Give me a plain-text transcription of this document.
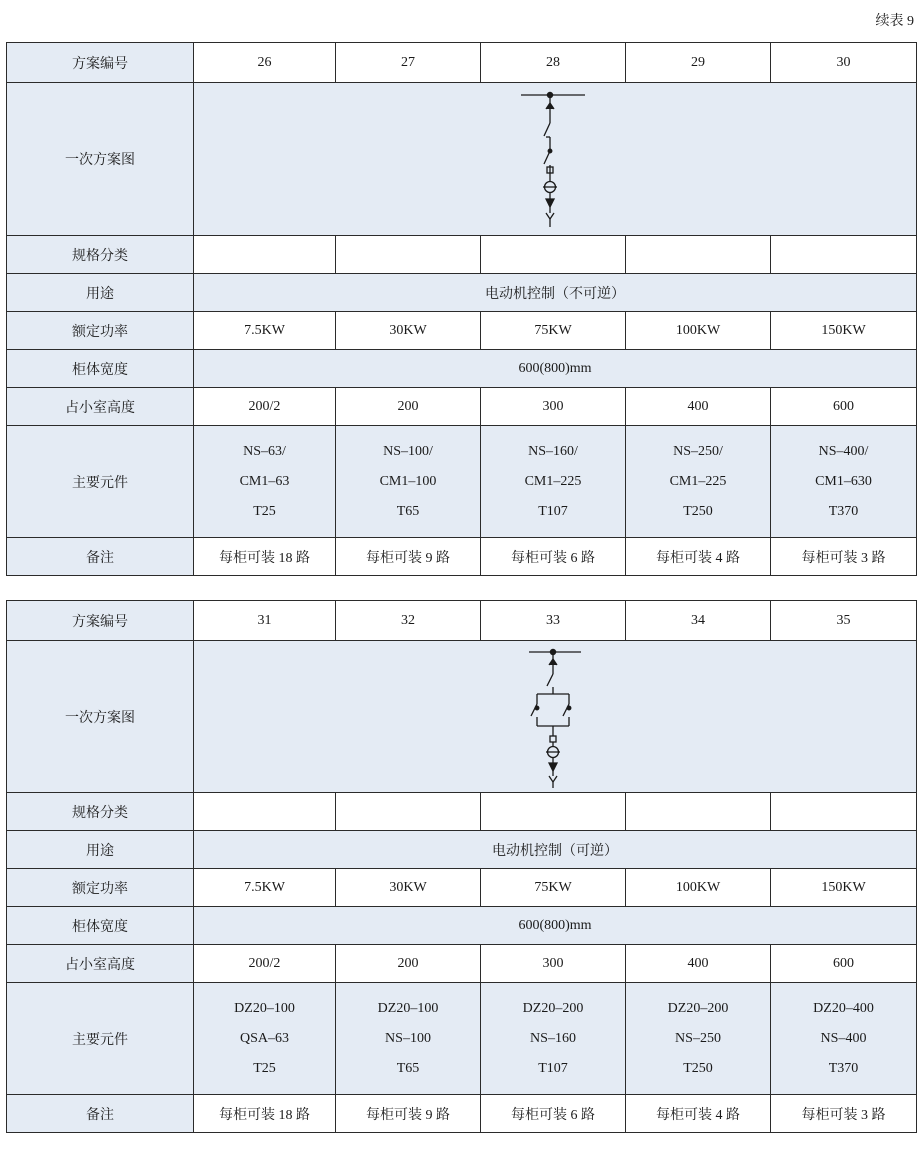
续表 9
方案编号	26	27	28	29	30
一次方案图	

规格分类					
用途	电动机控制（不可逆）				
额定功率	7.5KW	30KW	75KW	100KW	150KW
柜体宽度	600(800)mm				
占小室高度	200/2	200	300	400	600
主要元件	NS–63/
CM1–63
T25	NS–100/
CM1–100
T65	NS–160/
CM1–225
T107	NS–250/
CM1–225
T250	NS–400/
CM1–630
T370

备注	每柜可装 18 路	每柜可装 9 路	每柜可装 6 路	每柜可装 4 路	每柜可装 3 路
方案编号	31	32	33	34	35
一次方案图	

规格分类					
用途	电动机控制（可逆）				
额定功率	7.5KW	30KW	75KW	100KW	150KW
柜体宽度	600(800)mm				
占小室高度	200/2	200	300	400	600
主要元件	DZ20–100
QSA–63
T25	DZ20–100
NS–100
T65	DZ20–200
NS–160
T107	DZ20–200
NS–250
T250	DZ20–400
NS–400
T370

备注	每柜可装 18 路	每柜可装 9 路	每柜可装 6 路	每柜可装 4 路	每柜可装 3 路
